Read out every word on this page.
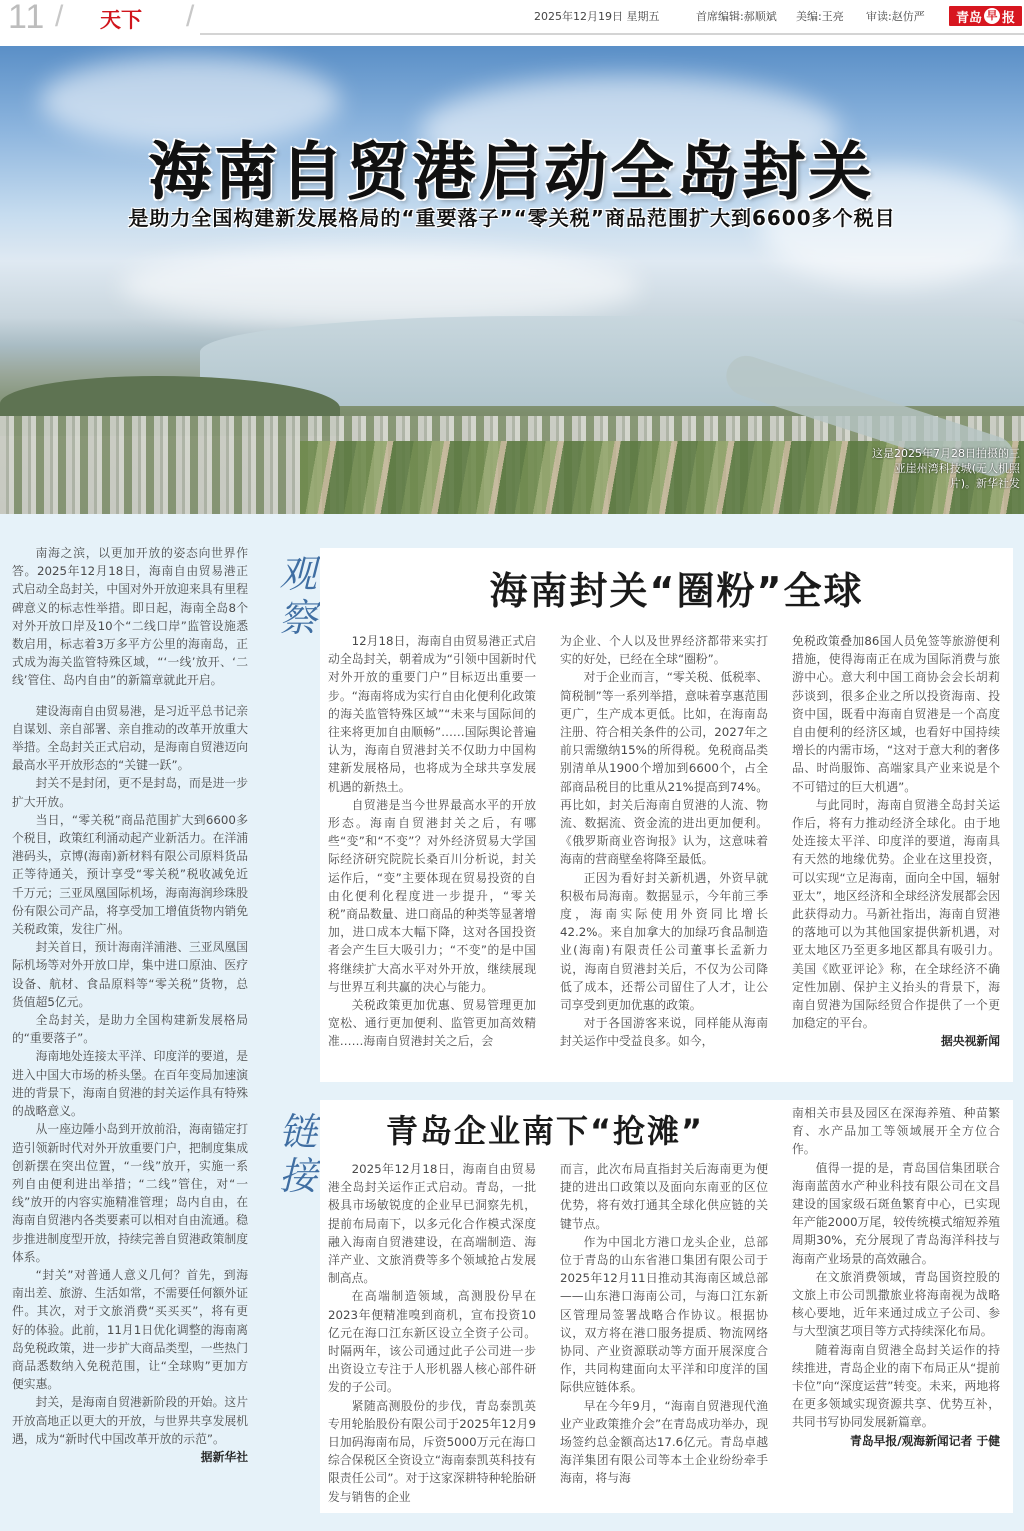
11 / 天下 /	2025年12月19日 星期五	首席编辑:郝顺斌 美编:王亮 审读:赵仿严 青岛 早 报
海南自贸港启动全岛封关
是助力全国构建新发展格局的“重要落子”“零关税”商品范围扩大到6600多个税目
这是2025年7月28日拍摄的三亚崖州湾科技城(无人机照片)。新华社发

南海之滨，以更加开放的姿态向世界作答。2025年12月18日，海南自由贸易港正式启动全岛封关，中国对外开放迎来具有里程碑意义的标志性举措。即日起，海南全岛8个对外开放口岸及10个“二线口岸”监管设施悉数启用，标志着3万多平方公里的海南岛，正式成为海关监管特殊区域，“‘一线’放开、‘二线’管住、岛内自由”的新篇章就此开启。

建设海南自由贸易港，是习近平总书记亲自谋划、亲自部署、亲自推动的改革开放重大举措。全岛封关正式启动，是海南自贸港迈向最高水平开放形态的“关键一跃”。

封关不是封闭，更不是封岛，而是进一步扩大开放。

当日，“零关税”商品范围扩大到6600多个税目，政策红利涌动起产业新活力。在洋浦港码头，京博(海南)新材料有限公司原料货品正等待通关，预计享受“零关税”税收减免近千万元；三亚凤凰国际机场，海南海润珍珠股份有限公司产品，将享受加工增值货物内销免关税政策，发往广州。

封关首日，预计海南洋浦港、三亚凤凰国际机场等对外开放口岸，集中进口原油、医疗设备、航材、食品原料等“零关税”货物，总货值超5亿元。

全岛封关，是助力全国构建新发展格局的“重要落子”。

海南地处连接太平洋、印度洋的要道，是进入中国大市场的桥头堡。在百年变局加速演进的背景下，海南自贸港的封关运作具有特殊的战略意义。

从一座边陲小岛到开放前沿，海南锚定打造引领新时代对外开放重要门户，把制度集成创新摆在突出位置，“一线”放开，实施一系列自由便利进出举措；“二线”管住，对“一线”放开的内容实施精准管理；岛内自由，在海南自贸港内各类要素可以相对自由流通。稳步推进制度型开放，持续完善自贸港政策制度体系。

“封关”对普通人意义几何？首先，到海南出差、旅游、生活如常，不需要任何额外证件。其次，对于文旅消费“买买买”，将有更好的体验。此前，11月1日优化调整的海南离岛免税政策，进一步扩大商品类型，一些热门商品悉数纳入免税范围，让“全球购”更加方便实惠。

封关，是海南自贸港新阶段的开始。这片开放高地正以更大的开放，与世界共享发展机遇，成为“新时代中国改革开放的示范”。

据新华社

观察
链接
海南封关“圈粉”全球

12月18日，海南自由贸易港正式启动全岛封关，朝着成为“引领中国新时代对外开放的重要门户”目标迈出重要一步。“海南将成为实行自由化便利化政策的海关监管特殊区域”“未来与国际间的往来将更加自由顺畅”……国际舆论普遍认为，海南自贸港封关不仅助力中国构建新发展格局，也将成为全球共享发展机遇的新热土。

自贸港是当今世界最高水平的开放形态。海南自贸港封关之后，有哪些“变”和“不变”？对外经济贸易大学国际经济研究院院长桑百川分析说，封关运作后，“变”主要体现在贸易投资的自由化便利化程度进一步提升，“零关税”商品数量、进口商品的种类等显著增加，进口成本大幅下降，这对各国投资者会产生巨大吸引力；“不变”的是中国将继续扩大高水平对外开放，继续展现与世界互利共赢的决心与能力。

关税政策更加优惠、贸易管理更加宽松、通行更加便利、监管更加高效精准……海南自贸港封关之后，会

为企业、个人以及世界经济都带来实打实的好处，已经在全球“圈粉”。

对于企业而言，“零关税、低税率、简税制”等一系列举措，意味着享惠范围更广，生产成本更低。比如，在海南岛注册、符合相关条件的公司，2027年之前只需缴纳15%的所得税。免税商品类别清单从1900个增加到6600个，占全部商品税目的比重从21%提高到74%。再比如，封关后海南自贸港的人流、物流、数据流、资金流的进出更加便利。《俄罗斯商业咨询报》认为，这意味着海南的营商壁垒将降至最低。

正因为看好封关新机遇，外资早就积极布局海南。数据显示，今年前三季度，海南实际使用外资同比增长42.2%。来自加拿大的加绿巧食品制造业(海南)有限责任公司董事长孟新力说，海南自贸港封关后，不仅为公司降低了成本，还帮公司留住了人才，让公司享受到更加优惠的政策。

对于各国游客来说，同样能从海南封关运作中受益良多。如今，

免税政策叠加86国人员免签等旅游便利措施，使得海南正在成为国际消费与旅游中心。意大利中国工商协会会长胡莉莎谈到，很多企业之所以投资海南、投资中国，既看中海南自贸港是一个高度自由便利的经济区域，也看好中国持续增长的内需市场，“这对于意大利的奢侈品、时尚服饰、高端家具产业来说是个不可错过的巨大机遇”。

与此同时，海南自贸港全岛封关运作后，将有力推动经济全球化。由于地处连接太平洋、印度洋的要道，海南具有天然的地缘优势。企业在这里投资，可以实现“立足海南，面向全中国，辐射亚太”，地区经济和全球经济发展都会因此获得动力。马新社指出，海南自贸港的落地可以为其他国家提供新机遇，对亚太地区乃至更多地区都具有吸引力。美国《欧亚评论》称，在全球经济不确定性加剧、保护主义抬头的背景下，海南自贸港为国际经贸合作提供了一个更加稳定的平台。

据央视新闻

青岛企业南下“抢滩”

2025年12月18日，海南自由贸易港全岛封关运作正式启动。青岛，一批极具市场敏锐度的企业早已洞察先机，提前布局南下，以多元化合作模式深度融入海南自贸港建设，在高端制造、海洋产业、文旅消费等多个领域抢占发展制高点。

在高端制造领域，高测股份早在2023年便精准嗅到商机，宣布投资10亿元在海口江东新区设立全资子公司。时隔两年，该公司通过此子公司进一步出资设立专注于人形机器人核心部件研发的子公司。

紧随高测股份的步伐，青岛泰凯英专用轮胎股份有限公司于2025年12月9日加码海南布局，斥资5000万元在海口综合保税区全资设立“海南泰凯英科技有限责任公司”。对于这家深耕特种轮胎研发与销售的企业

而言，此次布局直指封关后海南更为便捷的进出口政策以及面向东南亚的区位优势，将有效打通其全球化供应链的关键节点。

作为中国北方港口龙头企业，总部位于青岛的山东省港口集团有限公司于2025年12月11日推动其海南区域总部——山东港口海南公司，与海口江东新区管理局签署战略合作协议。根据协议，双方将在港口服务提质、物流网络协同、产业资源联动等方面开展深度合作，共同构建面向太平洋和印度洋的国际供应链体系。

早在今年9月，“海南自贸港现代渔业产业政策推介会”在青岛成功举办，现场签约总金额高达17.6亿元。青岛卓越海洋集团有限公司等本土企业纷纷牵手海南，将与海

南相关市县及园区在深海养殖、种苗繁育、水产品加工等领域展开全方位合作。

值得一提的是，青岛国信集团联合海南蓝茵水产种业科技有限公司在文昌建设的国家级石斑鱼繁育中心，已实现年产能2000万尾，较传统模式缩短养殖周期30%，充分展现了青岛海洋科技与海南产业场景的高效融合。

在文旅消费领域，青岛国资控股的文旅上市公司凯撒旅业将海南视为战略核心要地，近年来通过成立子公司、参与大型演艺项目等方式持续深化布局。

随着海南自贸港全岛封关运作的持续推进，青岛企业的南下布局正从“提前卡位”向“深度运营”转变。未来，两地将在更多领域实现资源共享、优势互补，共同书写协同发展新篇章。

青岛早报/观海新闻记者 于健
